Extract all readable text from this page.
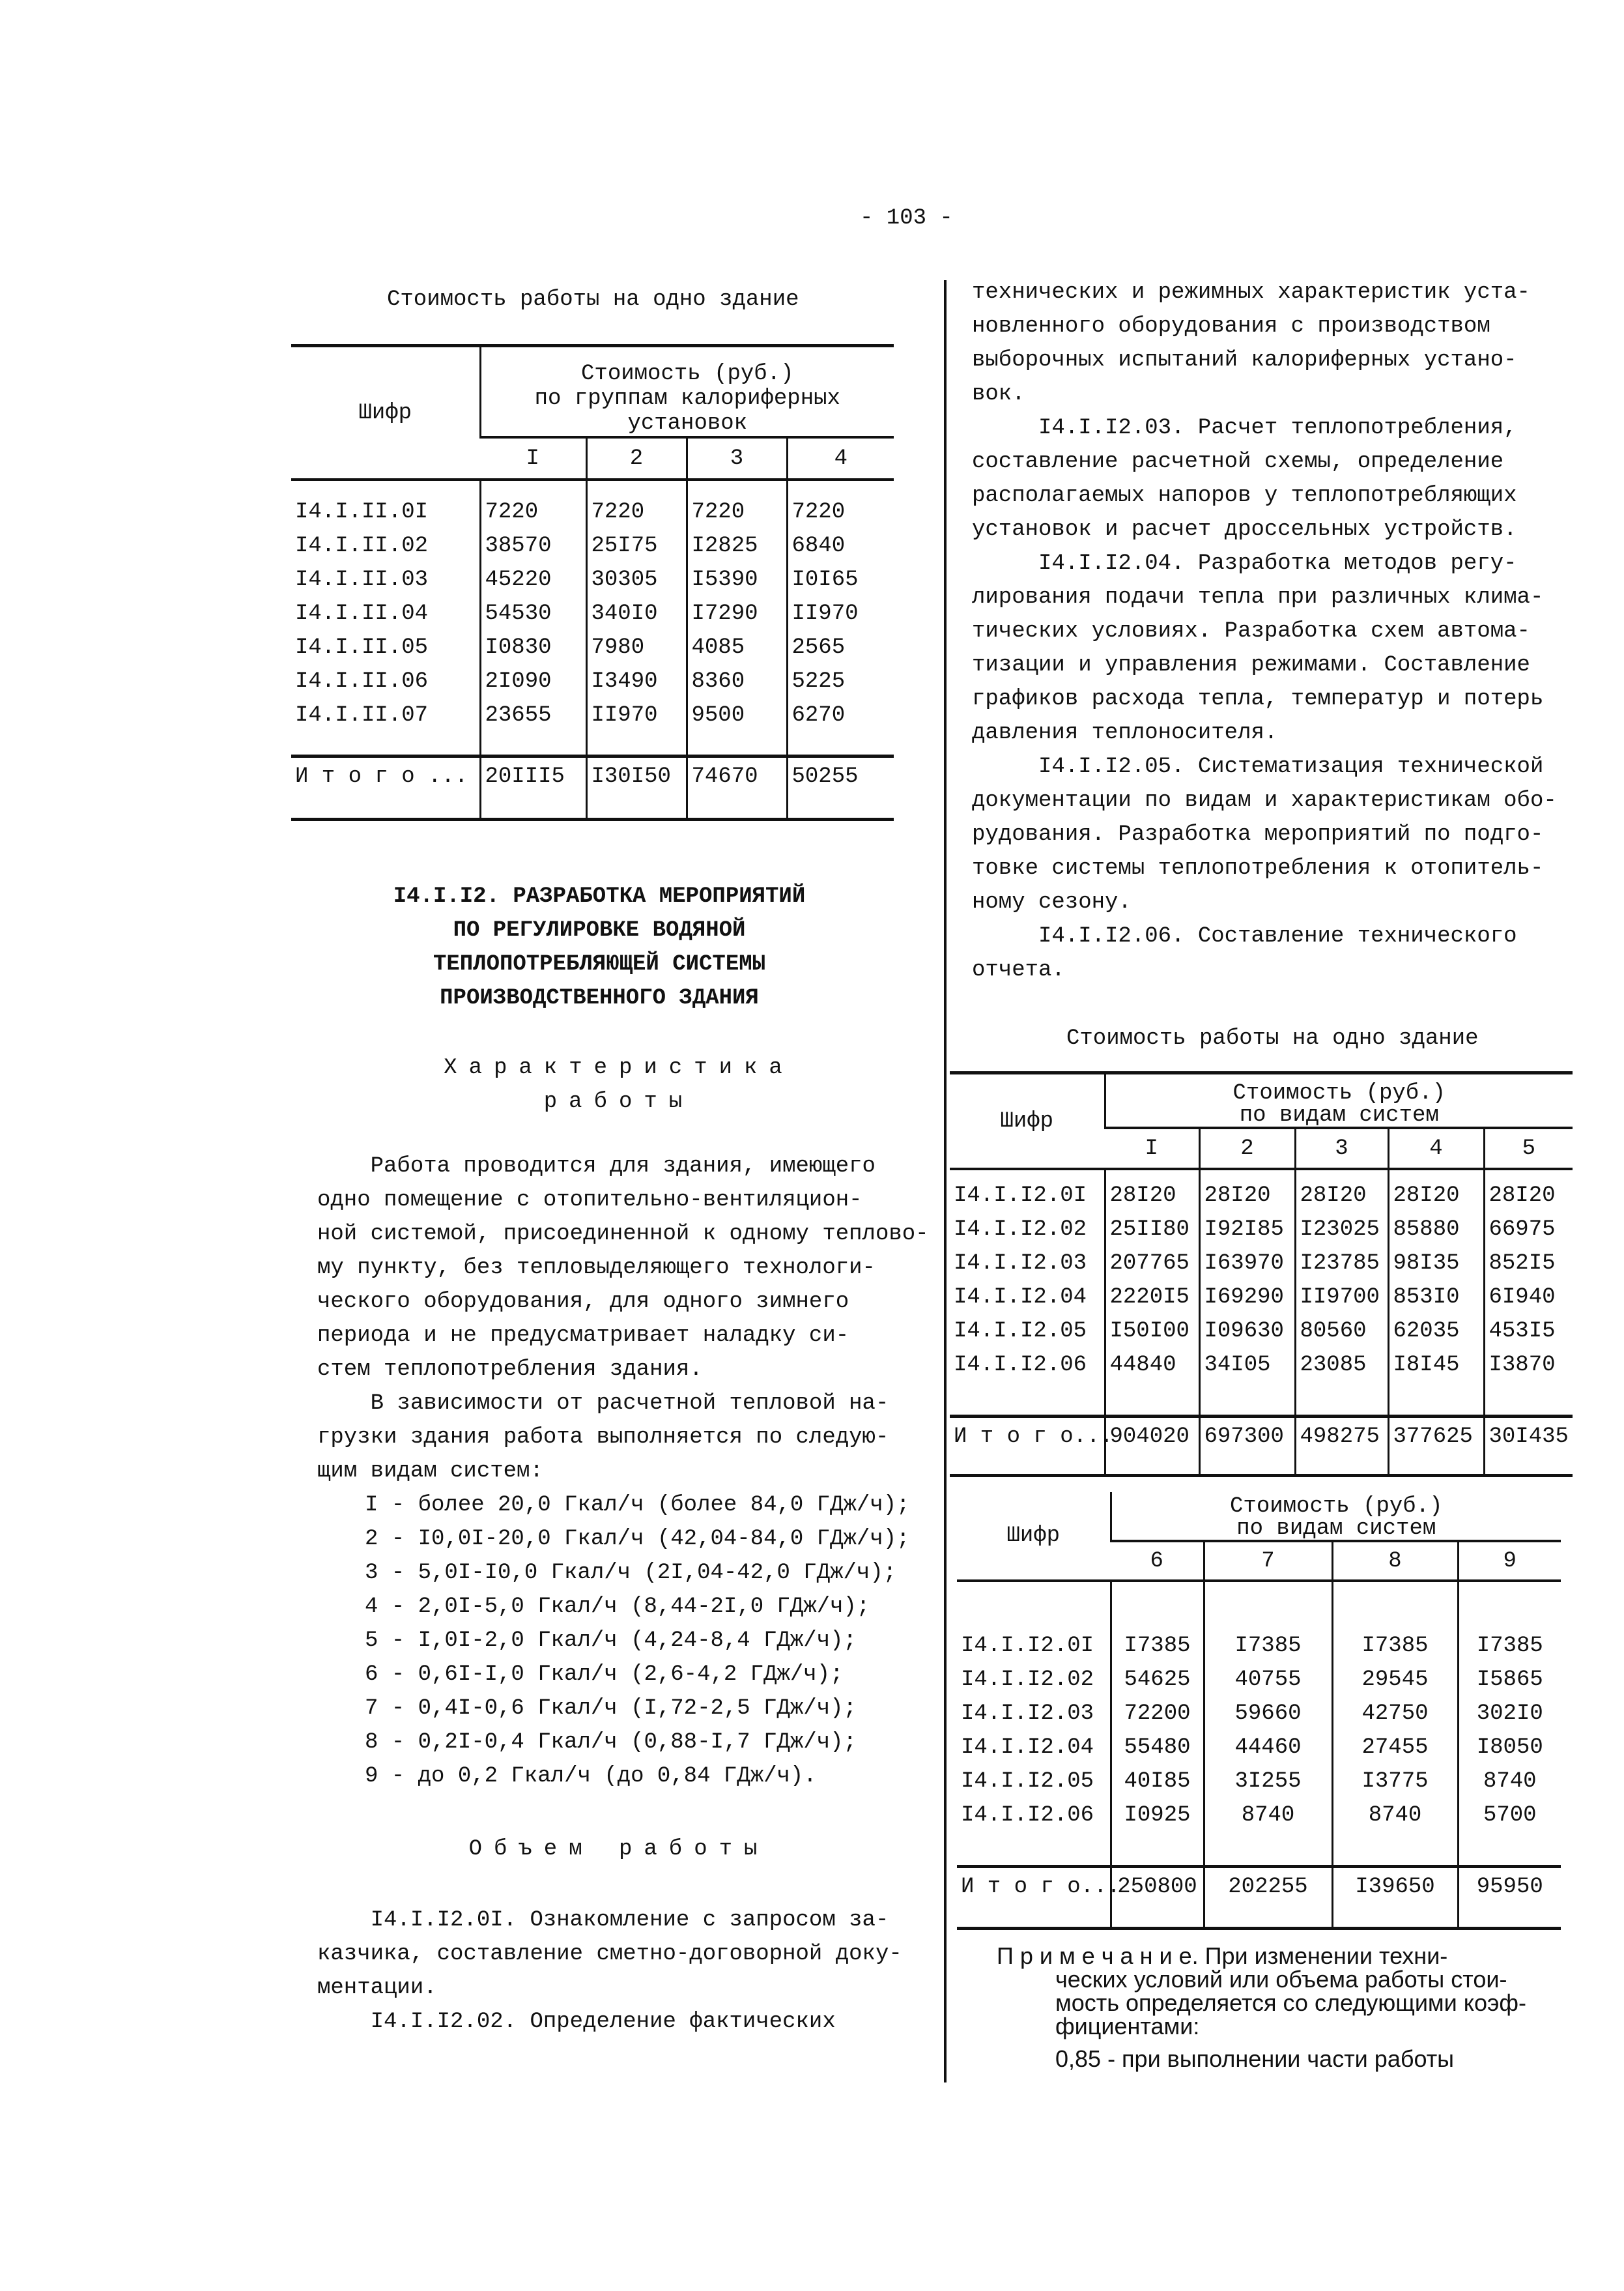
- 103 -
Стоимость работы на одно здание
Шифр	Стоимость (руб.)
по группам калориферных
установок			

	I	2	3	4

I4.I.II.0I	7220	7220	7220	7220
I4.I.II.02	38570	25I75	I2825	6840
I4.I.II.03	45220	30305	I5390	I0I65
I4.I.II.04	54530	340I0	I7290	II970
I4.I.II.05	I0830	7980	4085	2565
I4.I.II.06	2I090	I3490	8360	5225
I4.I.II.07	23655	II970	9500	6270

И т о г о ...	20III5	I30I50	74670	50255
I4.I.I2. РАЗРАБОТКА МЕРОПРИЯТИЙ
ПО РЕГУЛИРОВКЕ ВОДЯНОЙ
ТЕПЛОПОТРЕБЛЯЮЩЕЙ СИСТЕМЫ
ПРОИЗВОДСТВЕННОГО ЗДАНИЯ
Характеристика
работы
Работа проводится для здания, имеющего
одно помещение с отопительно-вентиляцион-
ной системой, присоединенной к одному теплово-
му пункту, без тепловыделяющего технологи-
ческого оборудования, для одного зимнего
периода и не предусматривает наладку си-
стем теплопотребления здания.
В зависимости от расчетной тепловой на-
грузки здания работа выполняется по следую-
щим видам систем:
I - более 20,0 Гкал/ч (более 84,0 ГДж/ч);
2 - I0,0I-20,0 Гкал/ч (42,04-84,0 ГДж/ч);
3 - 5,0I-I0,0 Гкал/ч (2I,04-42,0 ГДж/ч);
4 - 2,0I-5,0 Гкал/ч (8,44-2I,0 ГДж/ч);
5 - I,0I-2,0 Гкал/ч (4,24-8,4 ГДж/ч);
6 - 0,6I-I,0 Гкал/ч (2,6-4,2 ГДж/ч);
7 - 0,4I-0,6 Гкал/ч (I,72-2,5 ГДж/ч);
8 - 0,2I-0,4 Гкал/ч (0,88-I,7 ГДж/ч);
9 - до 0,2 Гкал/ч (до 0,84 ГДж/ч).
Объем работы
I4.I.I2.0I. Ознакомление с запросом за-
казчика, составление сметно-договорной доку-
ментации.
I4.I.I2.02. Определение фактических
технических и режимных характеристик уста-
новленного оборудования с производством
выборочных испытаний калориферных устано-
вок.
I4.I.I2.03. Расчет теплопотребления,
составление расчетной схемы, определение
располагаемых напоров у теплопотребляющих
установок и расчет дроссельных устройств.
I4.I.I2.04. Разработка методов регу-
лирования подачи тепла при различных клима-
тических условиях. Разработка схем автома-
тизации и управления режимами. Составление
графиков расхода тепла, температур и потерь
давления теплоносителя.
I4.I.I2.05. Систематизация технической
документации по видам и характеристикам обо-
рудования. Разработка мероприятий по подго-
товке системы теплопотребления к отопитель-
ному сезону.
I4.I.I2.06. Составление технического
отчета.
Стоимость работы на одно здание
Шифр	Стоимость (руб.)
по видам систем				

	I	2	3	4	5

I4.I.I2.0I	28I20	28I20	28I20	28I20	28I20
I4.I.I2.02	25II80	I92I85	I23025	85880	66975
I4.I.I2.03	207765	I63970	I23785	98I35	852I5
I4.I.I2.04	2220I5	I69290	II9700	853I0	6I940
I4.I.I2.05	I50I00	I09630	80560	62035	453I5
I4.I.I2.06	44840	34I05	23085	I8I45	I3870

И т о г о...	904020	697300	498275	377625	30I435
Шифр	Стоимость (руб.)
по видам систем			

	6	7	8	9

I4.I.I2.0I	I7385	I7385	I7385	I7385
I4.I.I2.02	54625	40755	29545	I5865
I4.I.I2.03	72200	59660	42750	302I0
I4.I.I2.04	55480	44460	27455	I8050
I4.I.I2.05	40I85	3I255	I3775	8740
I4.I.I2.06	I0925	8740	8740	5700

И т о г о...	250800	202255	I39650	95950
П р и м е ч а н и е. При изменении техни-
ческих условий или объема работы стои-
мость определяется со следующими коэф-
фициентами:
0,85 - при выполнении части работы
